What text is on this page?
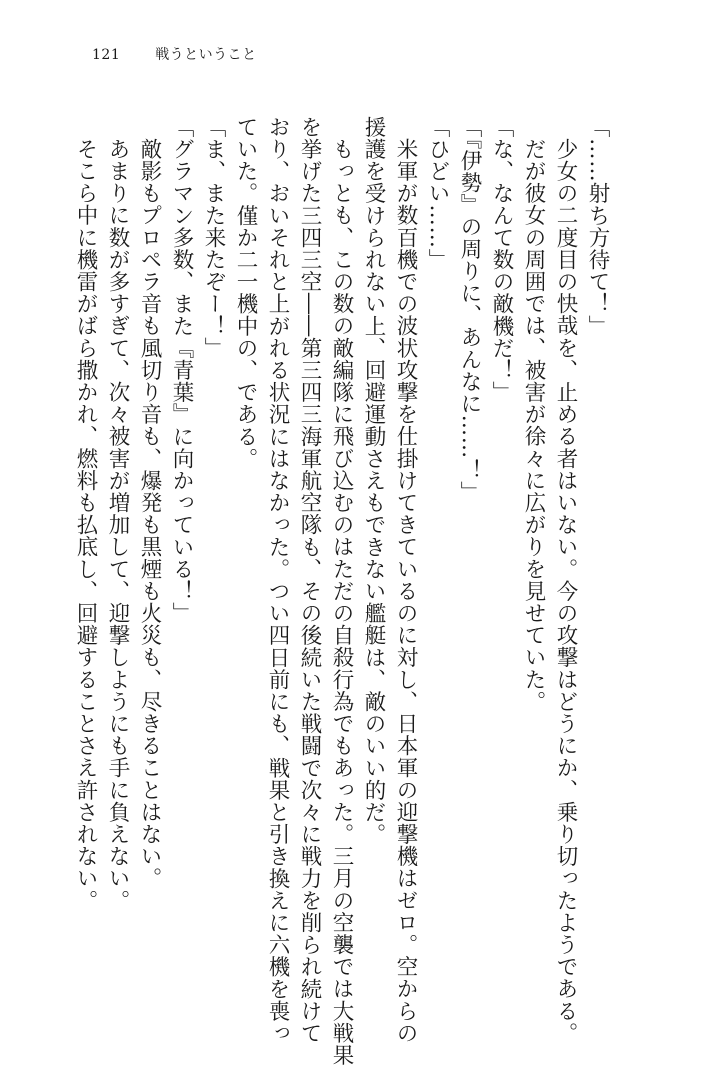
121 戦うということ
「……射ち方待て！」
少女の二度目の快哉を、止める者はいない。今の攻撃はどうにか、乗り切ったようである。
だが彼女の周囲では、被害が徐々に広がりを見せていた。
「な、なんて数の敵機だ！」
「『伊勢』の周りに、あんなに……！」
「ひどい……」
米軍が数百機での波状攻撃を仕掛けてきているのに対し、日本軍の迎撃機はゼロ。空からの
援護を受けられない上、回避運動さえもできない艦艇は、敵のいい的だ。
もっとも、この数の敵編隊に飛び込むのはただの自殺行為でもあった。三月の空襲では大戦果
を挙げた三四三空――第三四三海軍航空隊も、その後続いた戦闘で次々に戦力を削られ続けて
おり、おいそれと上がれる状況にはなかった。つい四日前にも、戦果と引き換えに六機を喪っ
ていた。僅か二一機中の、である。
「ま、また来たぞー！」
「グラマン多数、また『青葉』に向かっている！」
敵影もプロペラ音も風切り音も、爆発も黒煙も火災も、尽きることはない。
あまりに数が多すぎて、次々被害が増加して、迎撃しようにも手に負えない。
そこら中に機雷がばら撒かれ、燃料も払底し、回避することさえ許されない。
